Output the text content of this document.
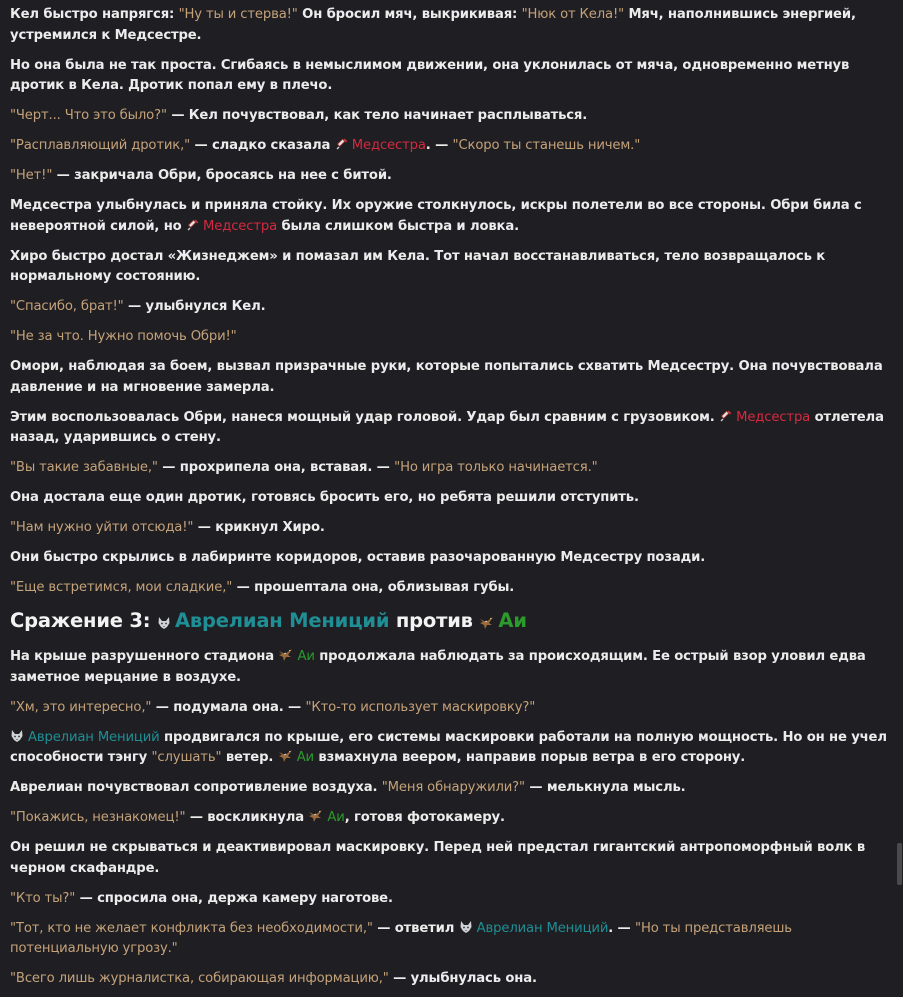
Кел быстро напрягся: "Ну ты и стерва!" Он бросил мяч, выкрикивая: "Нюк от Кела!" Мяч, наполнившись энергией, устремился к Медсестре.
Но она была не так проста. Сгибаясь в немыслимом движении, она уклонилась от мяча, одновременно метнув дротик в Кела. Дротик попал ему в плечо.
"Черт... Что это было?" — Кел почувствовал, как тело начинает расплываться.
"Расплавляющий дротик," — сладко сказала Медсестра. — "Скоро ты станешь ничем."
"Нет!" — закричала Обри, бросаясь на нее с битой.
Медсестра улыбнулась и приняла стойку. Их оружие столкнулось, искры полетели во все стороны. Обри била с невероятной силой, но Медсестра была слишком быстра и ловка.
Хиро быстро достал «Жизнеджем» и помазал им Кела. Тот начал восстанавливаться, тело возвращалось к нормальному состоянию.
"Спасибо, брат!" — улыбнулся Кел.
"Не за что. Нужно помочь Обри!"
Омори, наблюдая за боем, вызвал призрачные руки, которые попытались схватить Медсестру. Она почувствовала давление и на мгновение замерла.
Этим воспользовалась Обри, нанеся мощный удар головой. Удар был сравним с грузовиком. Медсестра отлетела назад, ударившись о стену.
"Вы такие забавные," — прохрипела она, вставая. — "Но игра только начинается."
Она достала еще один дротик, готовясь бросить его, но ребята решили отступить.
"Нам нужно уйти отсюда!" — крикнул Хиро.
Они быстро скрылись в лабиринте коридоров, оставив разочарованную Медсестру позади.
"Еще встретимся, мои сладкие," — прошептала она, облизывая губы.
Сражение 3: Аврелиан Мениций против Аи
На крыше разрушенного стадиона Аи продолжала наблюдать за происходящим. Ее острый взор уловил едва заметное мерцание в воздухе.
"Хм, это интересно," — подумала она. — "Кто-то использует маскировку?"
Аврелиан Мениций продвигался по крыше, его системы маскировки работали на полную мощность. Но он не учел способности тэнгу "слушать" ветер. Аи взмахнула веером, направив порыв ветра в его сторону.
Аврелиан почувствовал сопротивление воздуха. "Меня обнаружили?" — мелькнула мысль.
"Покажись, незнакомец!" — воскликнула Аи, готовя фотокамеру.
Он решил не скрываться и деактивировал маскировку. Перед ней предстал гигантский антропоморфный волк в черном скафандре.
"Кто ты?" — спросила она, держа камеру наготове.
"Тот, кто не желает конфликта без необходимости," — ответил Аврелиан Мениций. — "Но ты представляешь потенциальную угрозу."
"Всего лишь журналистка, собирающая информацию," — улыбнулась она.
